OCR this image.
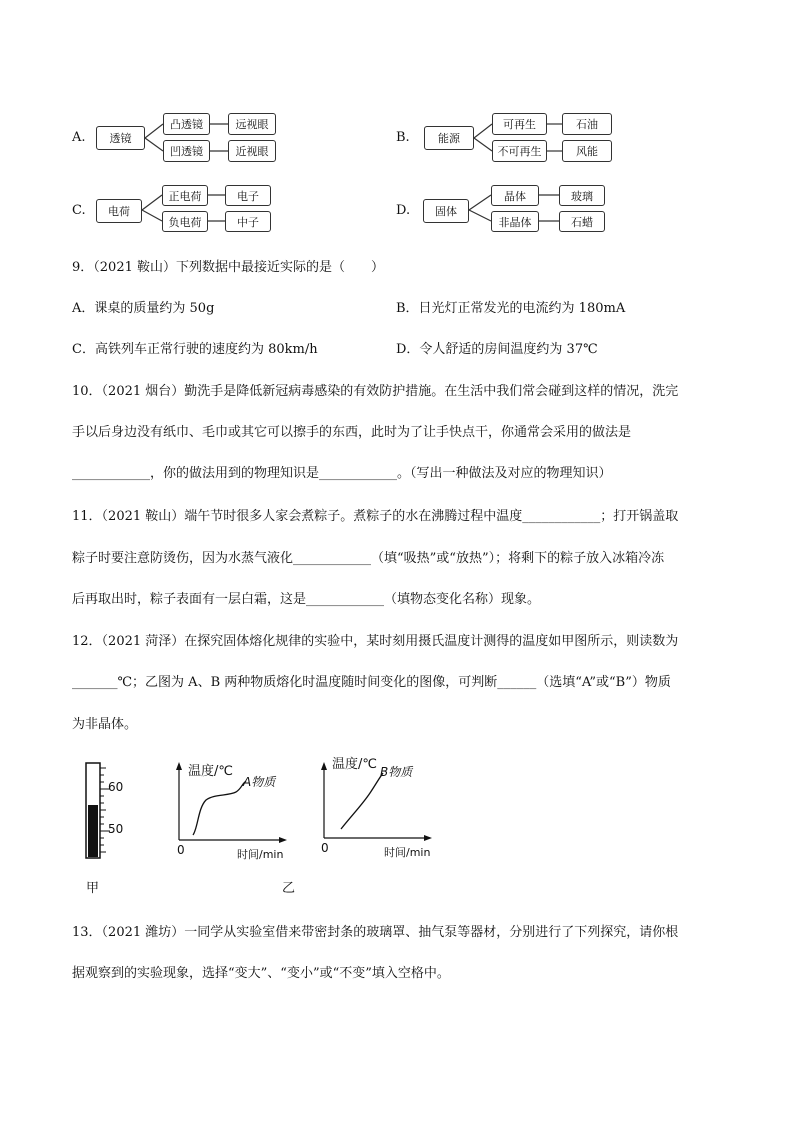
A.	透镜
凸透镜
凹透镜
远视眼
近视眼
B.	能源
可再生
不可再生
石油
风能
C.	电荷
正电荷
负电荷
电子
中子
D.	固体
晶体
非晶体
玻璃
石蜡
9．（2021 鞍山）下列数据中最接近实际的是（　　）
A．课桌的质量约为 50g	B．日光灯正常发光的电流约为 180mA
C．高铁列车正常行驶的速度约为 80km/h	D．令人舒适的房间温度约为 37℃
10．（2021 烟台）勤洗手是降低新冠病毒感染的有效防护措施。在生活中我们常会碰到这样的情况，洗完
手以后身边没有纸巾、毛巾或其它可以擦手的东西，此时为了让手快点干，你通常会采用的做法是
____________，你的做法用到的物理知识是____________。（写出一种做法及对应的物理知识）
11．（2021 鞍山）端午节时很多人家会煮粽子。煮粽子的水在沸腾过程中温度____________；打开锅盖取
粽子时要注意防烫伤，因为水蒸气液化____________（填“吸热”或“放热”）；将剩下的粽子放入冰箱冷冻
后再取出时，粽子表面有一层白霜，这是____________（填物态变化名称）现象。
12．（2021 菏泽）在探究固体熔化规律的实验中，某时刻用摄氏温度计测得的温度如甲图所示，则读数为
_______℃；乙图为 A、B 两种物质熔化时温度随时间变化的图像，可判断______（选填“A”或“B”）物质
为非晶体。
60
50
甲	乙
温度/℃
A物质
0	时间/min
温度/℃ B物质
0	时间/min
13．（2021 潍坊）一同学从实验室借来带密封条的玻璃罩、抽气泵等器材，分别进行了下列探究，请你根
据观察到的实验现象，选择“变大”、“变小”或“不变”填入空格中。
